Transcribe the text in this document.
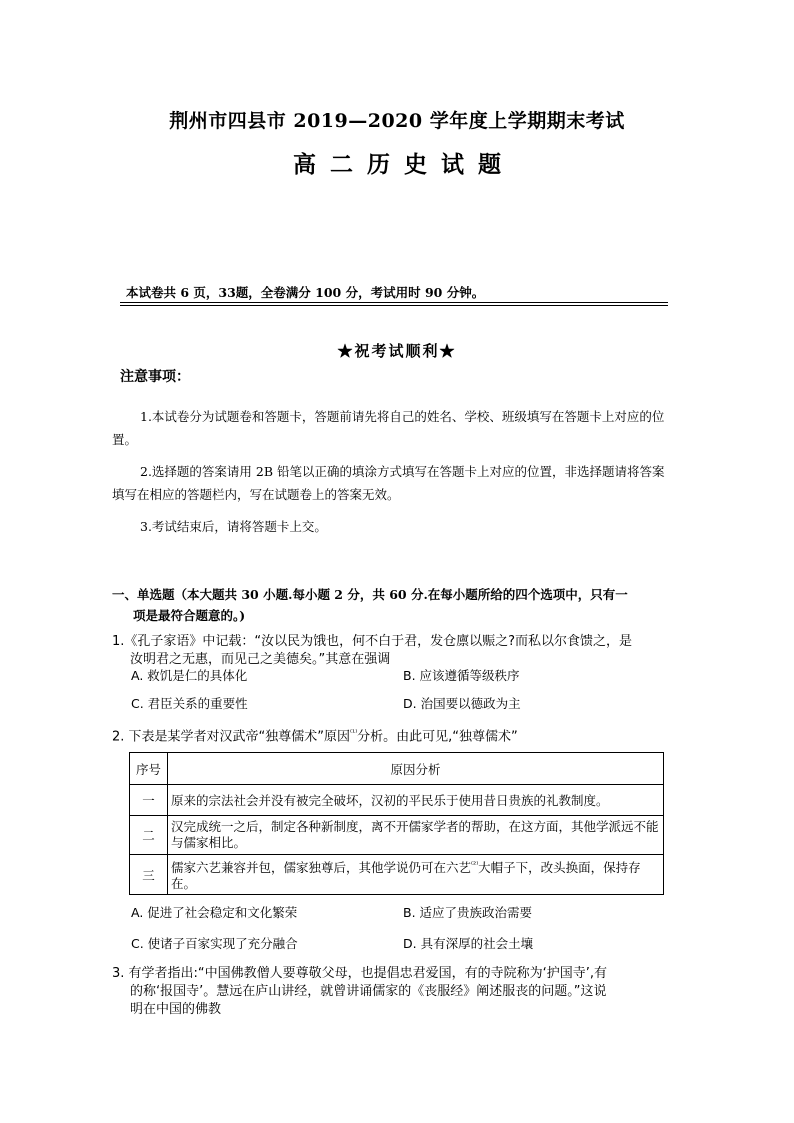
荆州市四县市 2019—2020 学年度上学期期末考试
高二历史试题
本试卷共 6 页，33题，全卷满分 100 分，考试用时 90 分钟。
★祝考试顺利★
注意事项：
1.本试卷分为试题卷和答题卡，答题前请先将自己的姓名、学校、班级填写在答题卡上对应的位置。
2.选择题的答案请用 2B 铅笔以正确的填涂方式填写在答题卡上对应的位置，非选择题请将答案填写在相应的答题栏内，写在试题卷上的答案无效。
3.考试结束后，请将答题卡上交。
一、单选题（本大题共 30 小题.每小题 2 分，共 60 分.在每小题所给的四个选项中，只有一
项是最符合题意的。)
1.《孔子家语》中记载：“汝以民为饿也，何不白于君，发仓廪以赈之?而私以尔食馈之，是
汝明君之无惠，而见己之美德矣。”其意在强调
A. 救饥是仁的具体化	B. 应该遵循等级秩序
C. 君臣关系的重要性	D. 治国要以德政为主
2. 下表是某学者对汉武帝“独尊儒术”原因$^{^{(1)}}$分析。由此可见,“独尊儒术”
序号	原因分析
一	原来的宗法社会并没有被完全破坏，汉初的平民乐于使用昔日贵族的礼教制度。
二	汉完成统一之后，制定各种新制度，离不开儒家学者的帮助，在这方面，其他学派远不能与儒家相比。
三	儒家六艺兼容并包，儒家独尊后，其他学说仍可在六艺$^{^{(2)}}$大帽子下，改头换面，保持存在。
A. 促进了社会稳定和文化繁荣	B. 适应了贵族政治需要
C. 使诸子百家实现了充分融合	D. 具有深厚的社会土壤
3. 有学者指出:“中国佛教僧人要尊敬父母，也提倡忠君爱国，有的寺院称为‘护国寺’,有
的称‘报国寺’。慧远在庐山讲经，就曾讲诵儒家的《丧服经》阐述服丧的问题。”这说
明在中国的佛教
